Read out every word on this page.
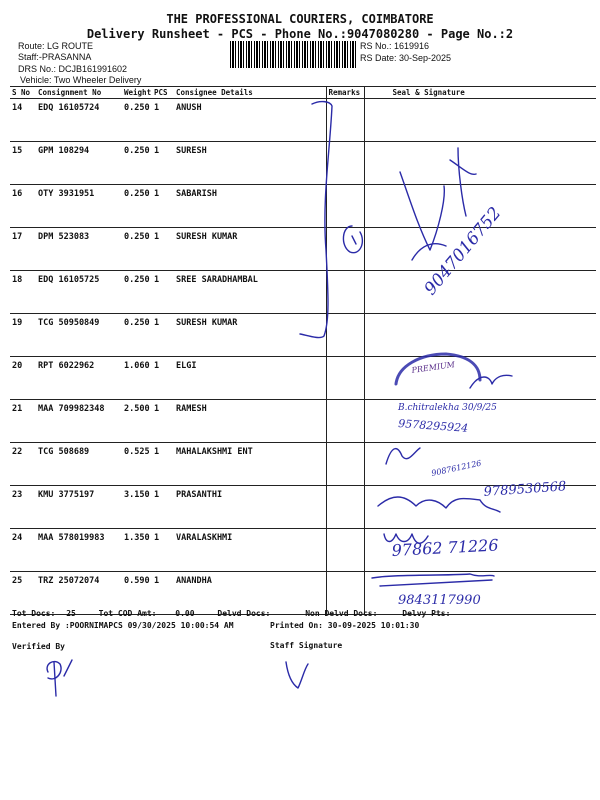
THE PROFESSIONAL COURIERS, COIMBATORE
Delivery Runsheet - PCS - Phone No.:9047080280 - Page No.:2
Route: LG ROUTE
Staff:-PRASANNA
DRS No.: DCJB161991602
Vehicle: Two Wheeler Delivery
RS No.: 1619916
RS Date: 30-Sep-2025
S No	Consignment No	Weight	PCS	Consignee Details	Remarks	Seal & Signature
14	EDQ 16105724	0.250	1	ANUSH		
15	GPM 108294	0.250	1	SURESH		
16	OTY 3931951	0.250	1	SABARISH		
17	DPM 523083	0.250	1	SURESH KUMAR		
18	EDQ 16105725	0.250	1	SREE SARADHAMBAL		
19	TCG 50950849	0.250	1	SURESH KUMAR		
20	RPT 6022962	1.060	1	ELGI		
21	MAA 709982348	2.500	1	RAMESH		
22	TCG 508689	0.525	1	MAHALAKSHMI ENT		
23	KMU 3775197	3.150	1	PRASANTHI		
24	MAA 578019983	1.350	1	VARALASKHMI		
25	TRZ 25072074	0.590	1	ANANDHA		
Tot Docs: 25	Tot COD Amt: 0.00	Delvd Docs:	Non Delvd Docs:	Delvy Pts:
Entered By :POORNIMAPCS 09/30/2025 10:00:54 AM	Printed On: 30-09-2025 10:01:30
Verified By	Staff Signature
9047016752
B.chitralekha 30/9/25
9578295924
9087612126
9789530568
97862 71226
9843117990
PREMIUM
